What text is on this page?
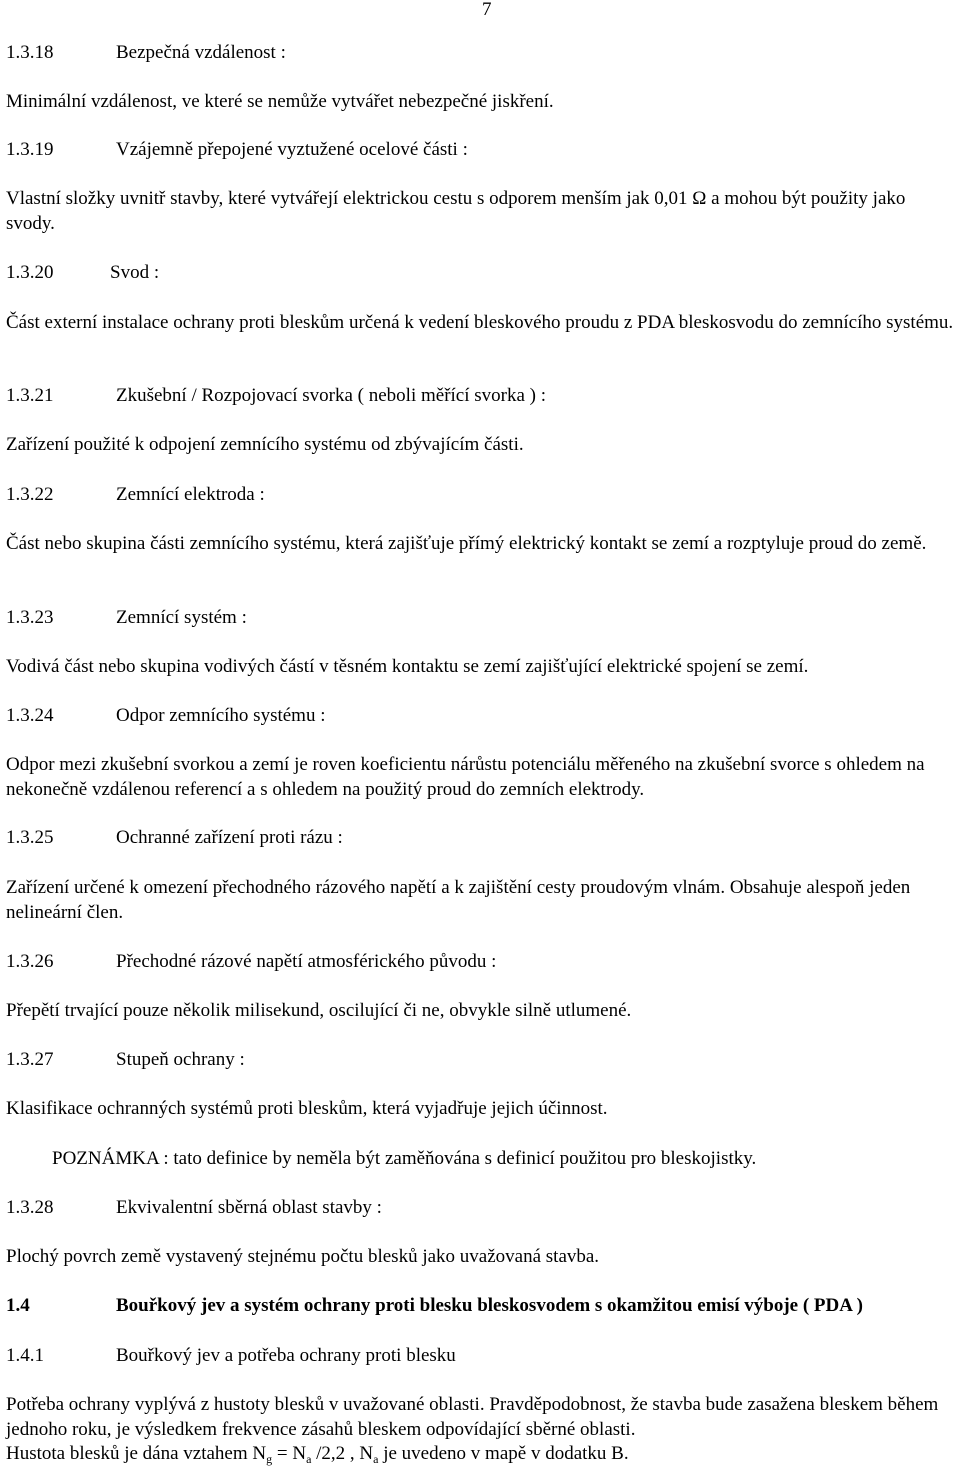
7
1.3.18	Bezpečná vzdálenost :
Minimální vzdálenost, ve které se nemůže vytvářet nebezpečné jiskření.
1.3.19	Vzájemně přepojené vyztužené ocelové části :
Vlastní složky uvnitř stavby, které vytvářejí elektrickou cestu s odporem menším jak 0,01 Ω a mohou být použity jako svody.
1.3.20	Svod :
Část externí instalace ochrany proti bleskům určená k vedení bleskového proudu z PDA bleskosvodu do zemnícího systému.
1.3.21	Zkušební / Rozpojovací svorka ( neboli měřící svorka ) :
Zařízení použité k odpojení zemnícího systému od zbývajícím části.
1.3.22	Zemnící elektroda :
Část nebo skupina části zemnícího systému, která zajišťuje přímý elektrický kontakt se zemí a rozptyluje proud do země.
1.3.23	Zemnící systém :
Vodivá část nebo skupina vodivých částí v těsném kontaktu se zemí zajišťující elektrické spojení se zemí.
1.3.24	Odpor zemnícího systému :
Odpor mezi zkušební svorkou a zemí je roven koeficientu nárůstu potenciálu měřeného na zkušební svorce s ohledem na nekonečně vzdálenou referencí a s ohledem na použitý proud do zemních elektrody.
1.3.25	Ochranné zařízení proti rázu :
Zařízení určené k omezení přechodného rázového napětí a k zajištění cesty proudovým vlnám. Obsahuje alespoň jeden nelineární člen.
1.3.26	Přechodné rázové napětí atmosférického původu :
Přepětí trvající pouze několik milisekund, oscilující či ne, obvykle silně utlumené.
1.3.27	Stupeň ochrany :
Klasifikace ochranných systémů proti bleskům, která vyjadřuje jejich účinnost.
POZNÁMKA : tato definice by neměla být zaměňována s definicí použitou pro bleskojistky.
1.3.28	Ekvivalentní sběrná oblast stavby :
Plochý povrch země vystavený stejnému počtu blesků jako uvažovaná stavba.
1.4	Bouřkový jev a systém ochrany proti blesku bleskosvodem s okamžitou emisí výboje ( PDA )
1.4.1	Bouřkový jev a potřeba ochrany proti blesku
Potřeba ochrany vyplývá z hustoty blesků v uvažované oblasti. Pravděpodobnost, že stavba bude zasažena bleskem během jednoho roku, je výsledkem frekvence zásahů bleskem odpovídající sběrné oblasti.
Hustota blesků je dána vztahem $N_g = N_a$ /2,2 , $N_a$ je uvedeno v mapě v dodatku B.
